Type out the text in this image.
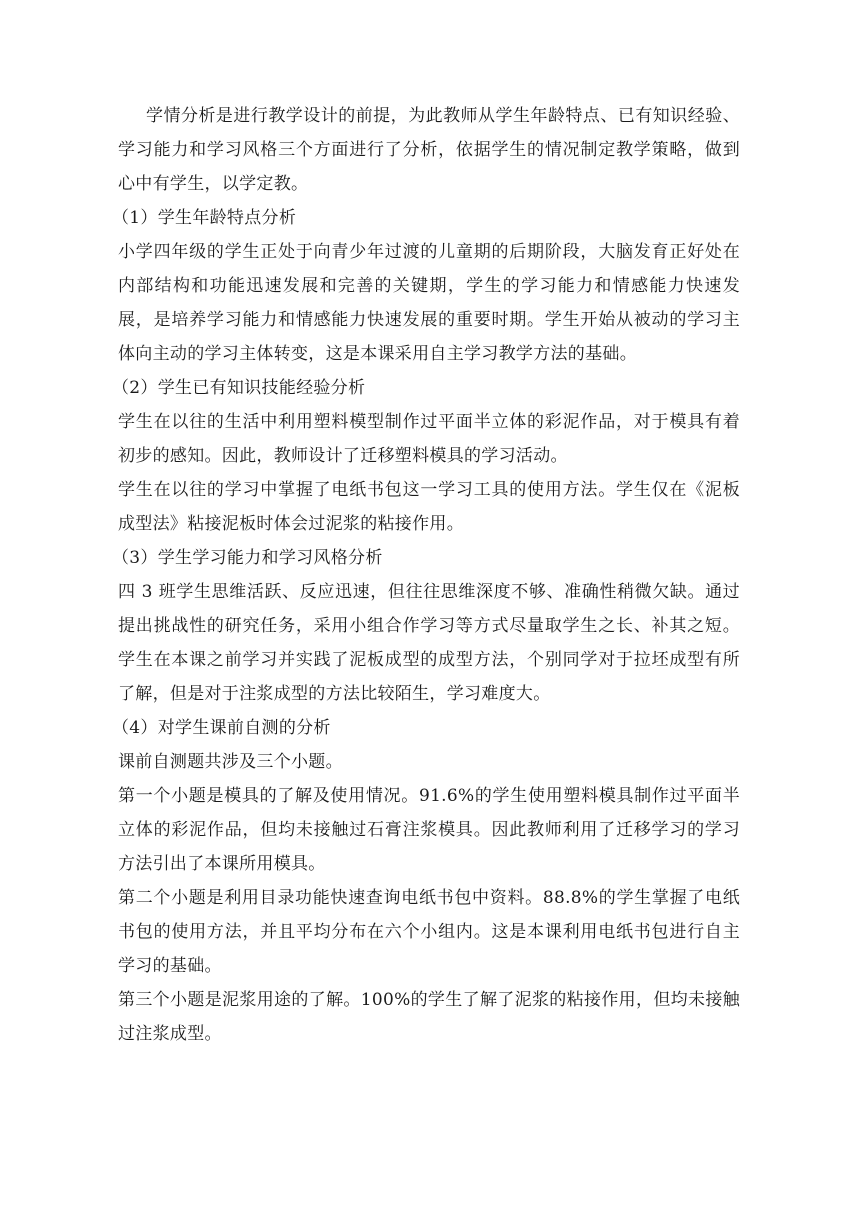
学情分析是进行教学设计的前提，为此教师从学生年龄特点、已有知识经验、学习能力和学习风格三个方面进行了分析，依据学生的情况制定教学策略，做到心中有学生，以学定教。

（1）学生年龄特点分析

小学四年级的学生正处于向青少年过渡的儿童期的后期阶段，大脑发育正好处在内部结构和功能迅速发展和完善的关键期，学生的学习能力和情感能力快速发展，是培养学习能力和情感能力快速发展的重要时期。学生开始从被动的学习主体向主动的学习主体转变，这是本课采用自主学习教学方法的基础。

（2）学生已有知识技能经验分析

学生在以往的生活中利用塑料模型制作过平面半立体的彩泥作品，对于模具有着初步的感知。因此，教师设计了迁移塑料模具的学习活动。

学生在以往的学习中掌握了电纸书包这一学习工具的使用方法。学生仅在《泥板成型法》粘接泥板时体会过泥浆的粘接作用。

（3）学生学习能力和学习风格分析

四 3 班学生思维活跃、反应迅速，但往往思维深度不够、准确性稍微欠缺。通过提出挑战性的研究任务，采用小组合作学习等方式尽量取学生之长、补其之短。学生在本课之前学习并实践了泥板成型的成型方法，个别同学对于拉坯成型有所了解，但是对于注浆成型的方法比较陌生，学习难度大。

（4）对学生课前自测的分析

课前自测题共涉及三个小题。

第一个小题是模具的了解及使用情况。91.6%的学生使用塑料模具制作过平面半立体的彩泥作品，但均未接触过石膏注浆模具。因此教师利用了迁移学习的学习方法引出了本课所用模具。

第二个小题是利用目录功能快速查询电纸书包中资料。88.8%的学生掌握了电纸书包的使用方法，并且平均分布在六个小组内。这是本课利用电纸书包进行自主学习的基础。

第三个小题是泥浆用途的了解。100%的学生了解了泥浆的粘接作用，但均未接触过注浆成型。
